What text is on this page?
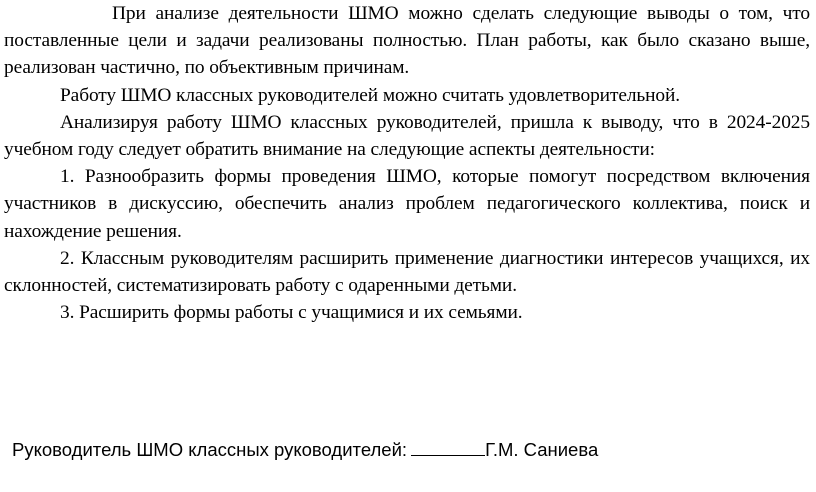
При анализе деятельности ШМО можно сделать следующие выводы о том, что поставленные цели и задачи реализованы полностью. План работы, как было сказано выше, реализован частично, по объективным причинам.

Работу ШМО классных руководителей можно считать удовлетворительной.

Анализируя работу ШМО классных руководителей, пришла к выводу, что в 2024-2025 учебном году следует обратить внимание на следующие аспекты деятельности:

1. Разнообразить формы проведения ШМО, которые помогут посредством включения участников в дискуссию, обеспечить анализ проблем педагогического коллектива, поиск и нахождение решения.

2. Классным руководителям расширить применение диагностики интересов учащихся, их склонностей, систематизировать работу с одаренными детьми.

3. Расширить формы работы с учащимися и их семьями.

Руководитель ШМО классных руководителей:	Г.М. Саниева
